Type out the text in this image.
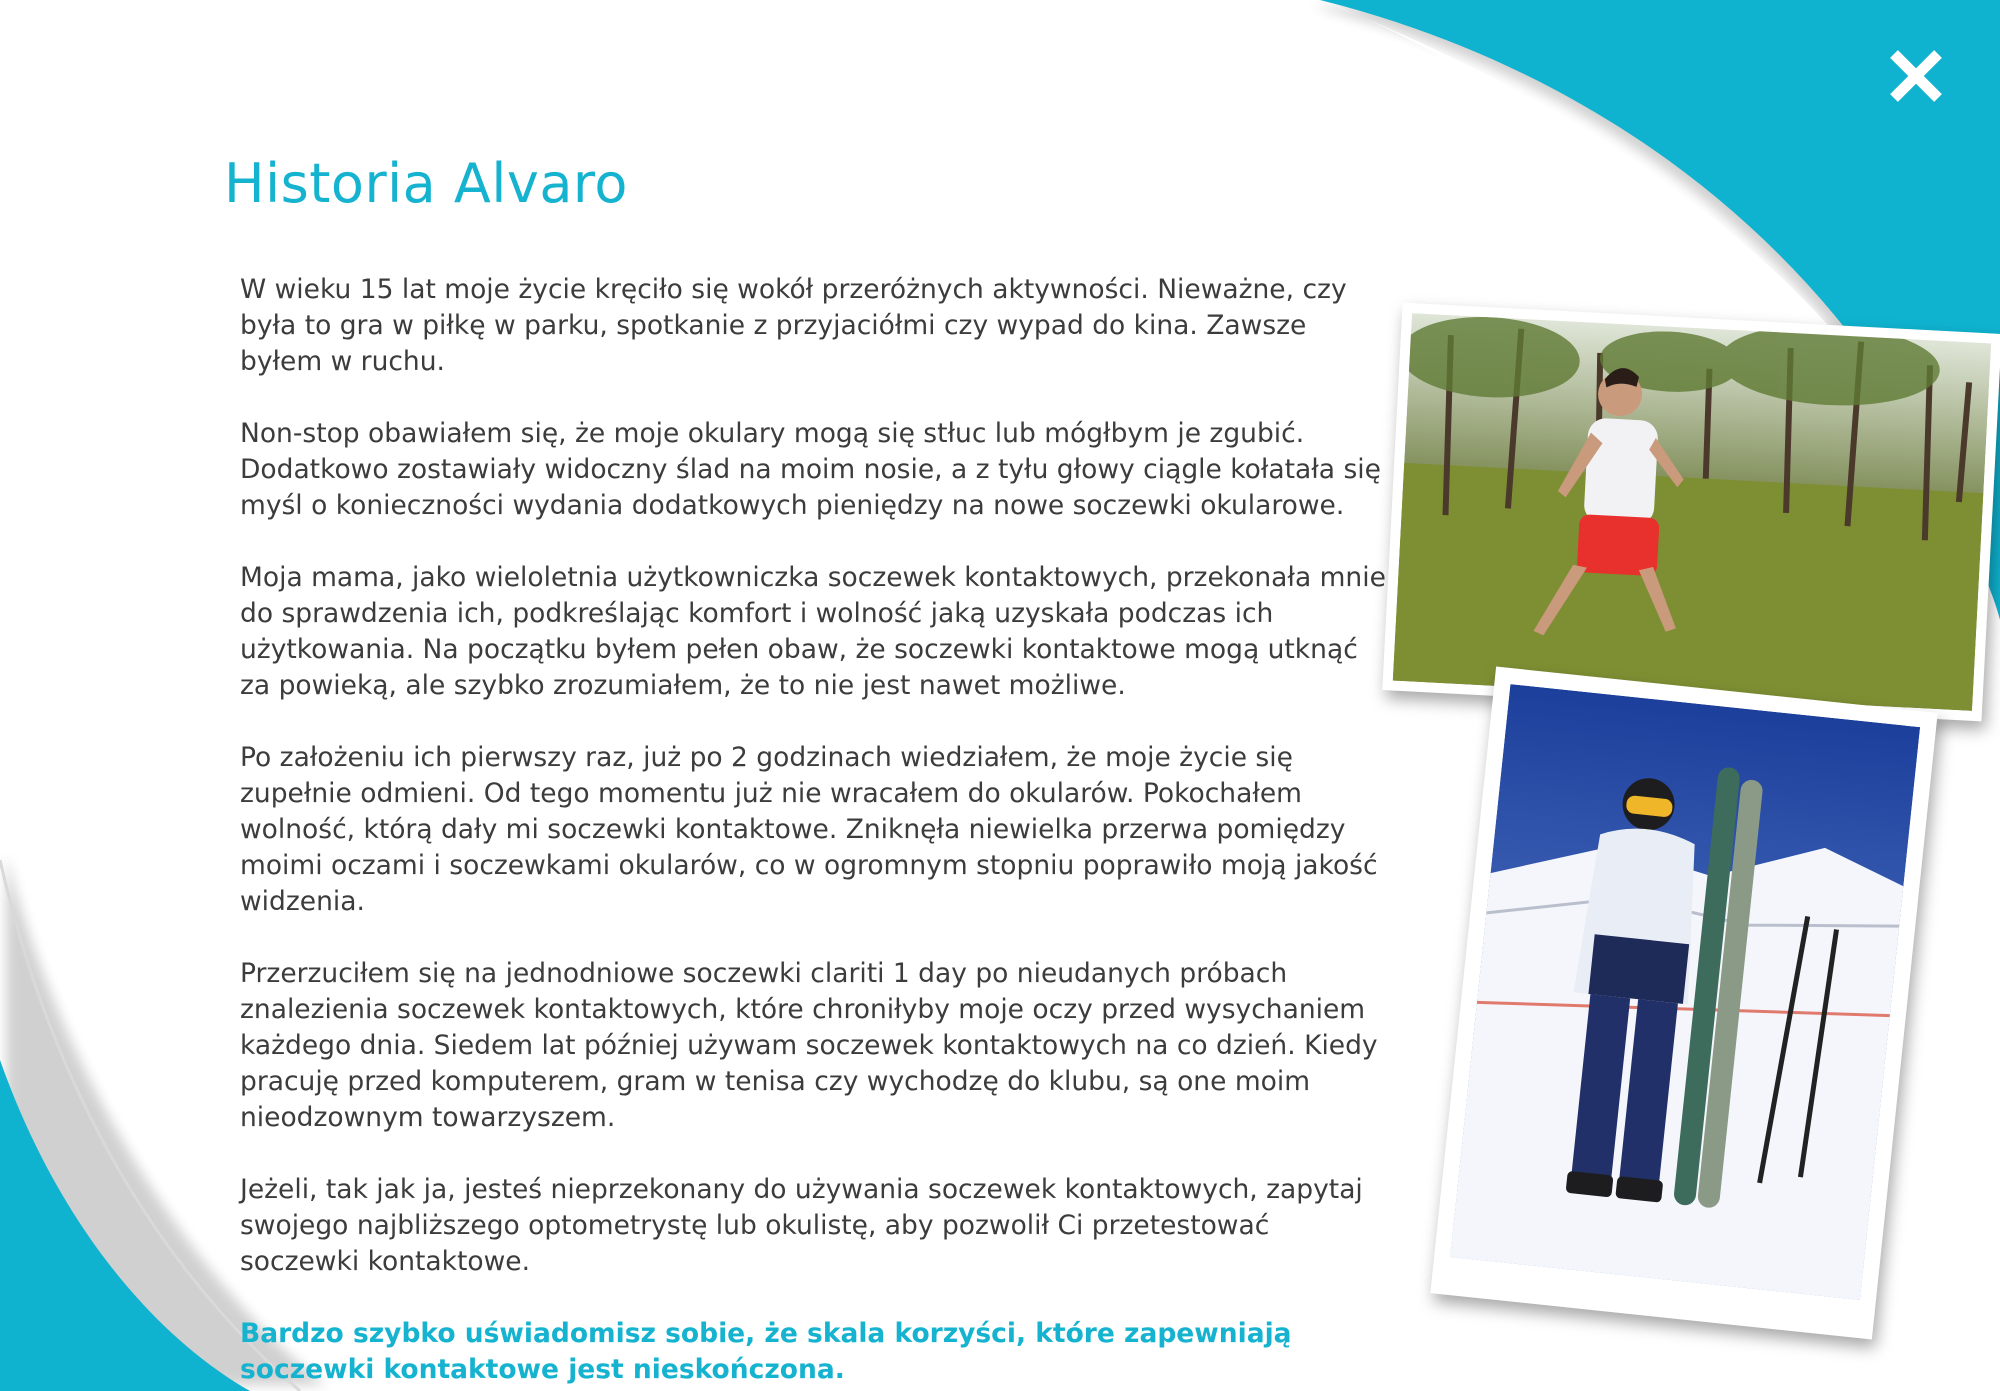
Historia Alvaro

W wieku 15 lat moje życie kręciło się wokół przeróżnych aktywności. Nieważne, czy była to gra w piłkę w parku, spotkanie z przyjaciółmi czy wypad do kina. Zawsze byłem w ruchu.

Non-stop obawiałem się, że moje okulary mogą się stłuc lub mógłbym je zgubić. Dodatkowo zostawiały widoczny ślad na moim nosie, a z tyłu głowy ciągle kołatała się myśl o konieczności wydania dodatkowych pieniędzy na nowe soczewki okularowe.

Moja mama, jako wieloletnia użytkowniczka soczewek kontaktowych, przekonała mnie do sprawdzenia ich, podkreślając komfort i wolność jaką uzyskała podczas ich użytkowania. Na początku byłem pełen obaw, że soczewki kontaktowe mogą utknąć za powieką, ale szybko zrozumiałem, że to nie jest nawet możliwe.

Po założeniu ich pierwszy raz, już po 2 godzinach wiedziałem, że moje życie się zupełnie odmieni. Od tego momentu już nie wracałem do okularów. Pokochałem wolność, którą dały mi soczewki kontaktowe. Zniknęła niewielka przerwa pomiędzy moimi oczami i soczewkami okularów, co w ogromnym stopniu poprawiło moją jakość widzenia.

Przerzuciłem się na jednodniowe soczewki clariti 1 day po nieudanych próbach znalezienia soczewek kontaktowych, które chroniłyby moje oczy przed wysychaniem każdego dnia. Siedem lat później używam soczewek kontaktowych na co dzień. Kiedy pracuję przed komputerem, gram w tenisa czy wychodzę do klubu, są one moim nieodzownym towarzyszem.

Jeżeli, tak jak ja, jesteś nieprzekonany do używania soczewek kontaktowych, zapytaj swojego najbliższego optometrystę lub okulistę, aby pozwolił Ci przetestować soczewki kontaktowe.

Bardzo szybko uświadomisz sobie, że skala korzyści, które zapewniają soczewki kontaktowe jest nieskończona.
